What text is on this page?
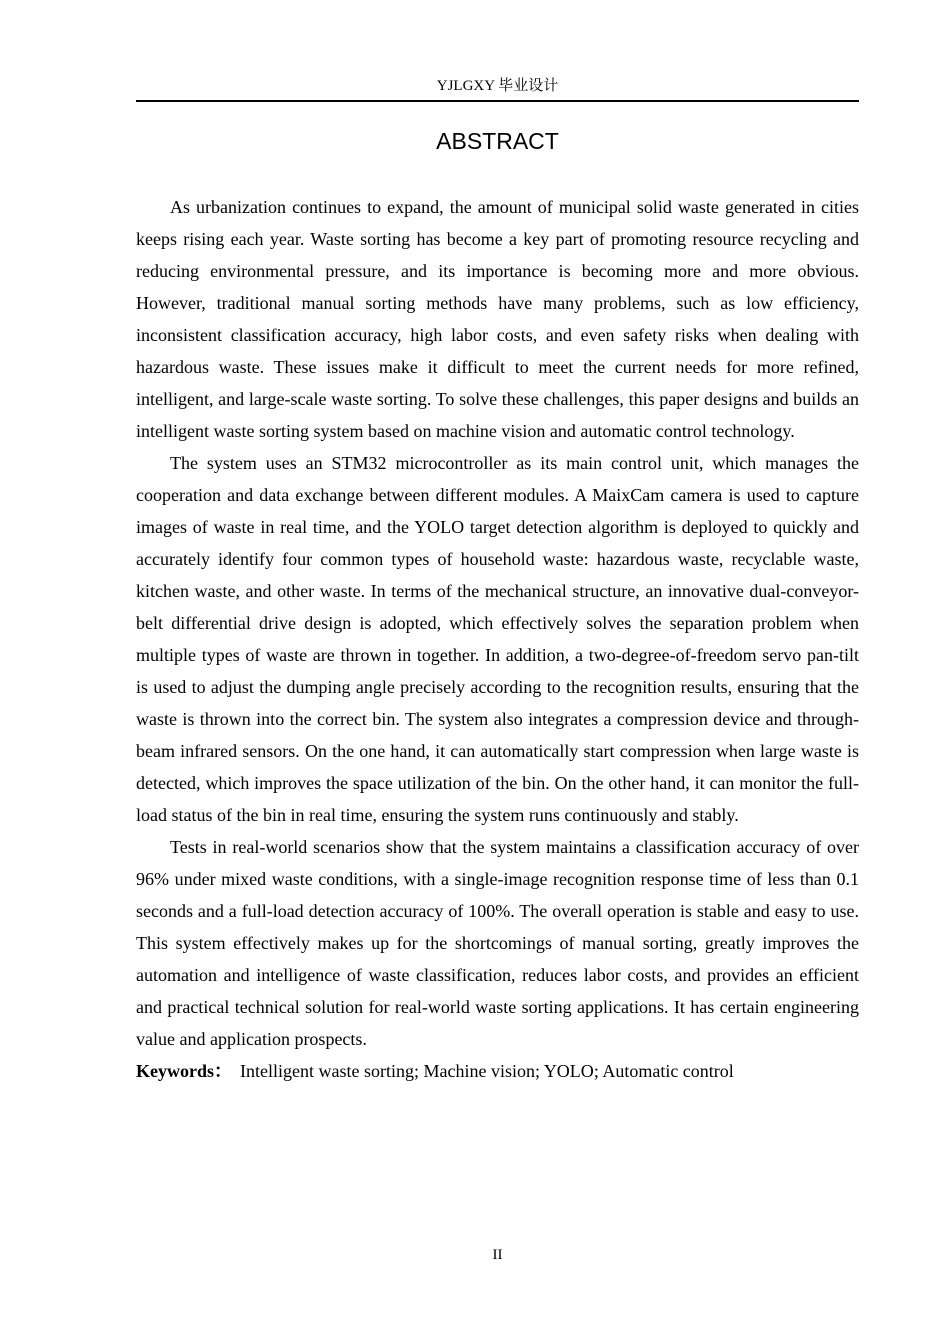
YJLGXY 毕业设计
ABSTRACT

As urbanization continues to expand, the amount of municipal solid waste generated in cities keeps rising each year. Waste sorting has become a key part of promoting resource recycling and reducing environmental pressure, and its importance is becoming more and more obvious. However, traditional manual sorting methods have many problems, such as low efficiency, inconsistent classification accuracy, high labor costs, and even safety risks when dealing with hazardous waste. These issues make it difficult to meet the current needs for more refined, intelligent, and large-scale waste sorting. To solve these challenges, this paper designs and builds an intelligent waste sorting system based on machine vision and automatic control technology.

The system uses an STM32 microcontroller as its main control unit, which manages the cooperation and data exchange between different modules. A MaixCam camera is used to capture images of waste in real time, and the YOLO target detection algorithm is deployed to quickly and accurately identify four common types of household waste: hazardous waste, recyclable waste, kitchen waste, and other waste. In terms of the mechanical structure, an innovative dual-conveyor-belt differential drive design is adopted, which effectively solves the separation problem when multiple types of waste are thrown in together. In addition, a two-degree-of-freedom servo pan-tilt is used to adjust the dumping angle precisely according to the recognition results, ensuring that the waste is thrown into the correct bin. The system also integrates a compression device and through-beam infrared sensors. On the one hand, it can automatically start compression when large waste is detected, which improves the space utilization of the bin. On the other hand, it can monitor the full-load status of the bin in real time, ensuring the system runs continuously and stably.

Tests in real-world scenarios show that the system maintains a classification accuracy of over 96% under mixed waste conditions, with a single-image recognition response time of less than 0.1 seconds and a full-load detection accuracy of 100%. The overall operation is stable and easy to use. This system effectively makes up for the shortcomings of manual sorting, greatly improves the automation and intelligence of waste classification, reduces labor costs, and provides an efficient and practical technical solution for real-world waste sorting applications. It has certain engineering value and application prospects.

Keywords： Intelligent waste sorting ; Machine vision ; YOLO ; Automatic control

II
